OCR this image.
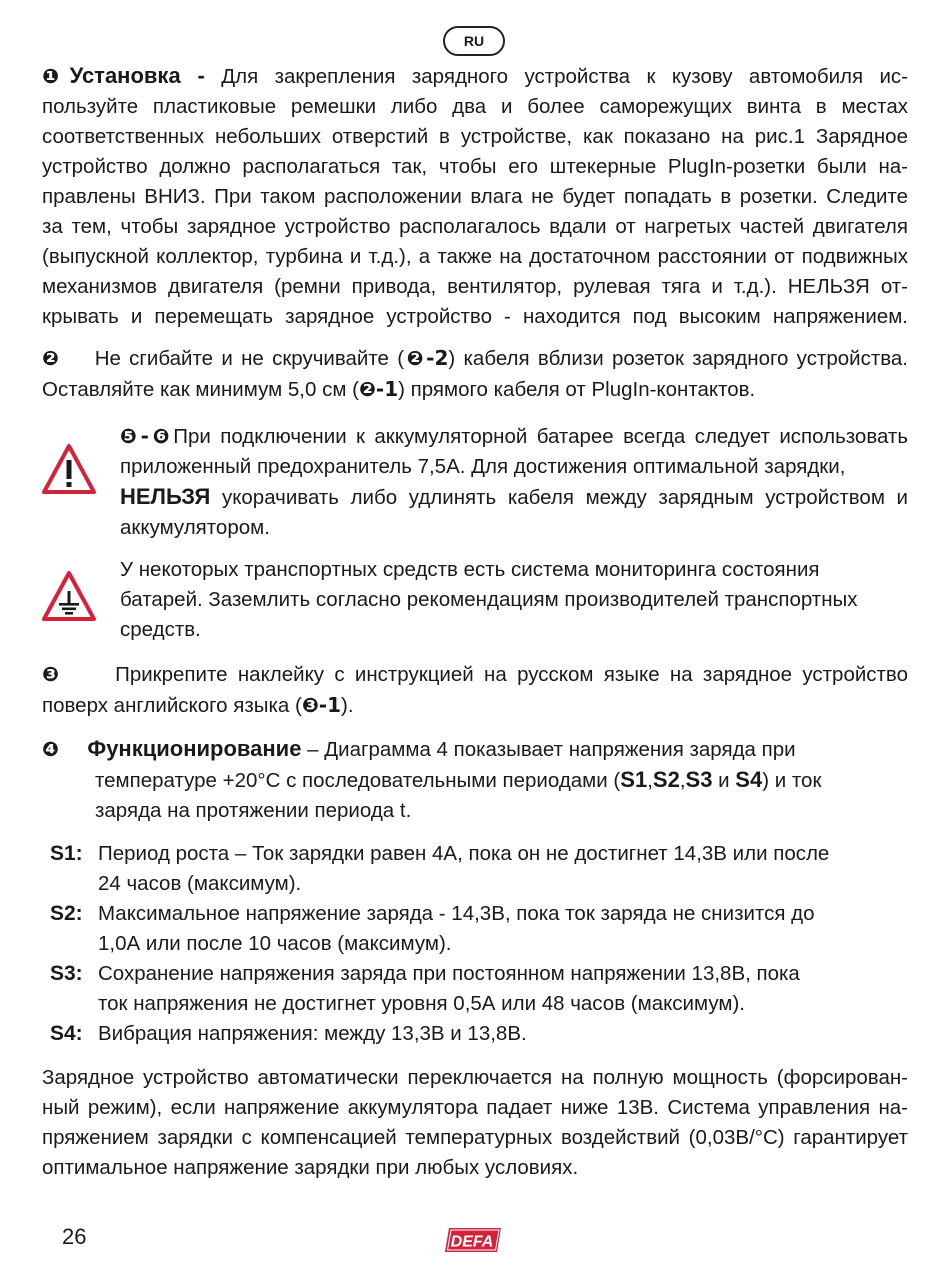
RU
❶Установка - Для закрепления зарядного устройства к кузову автомобиля ис-
пользуйте пластиковые ремешки либо два и более саморежущих винта в местах
соответственных небольших отверстий в устройстве, как показано на рис.1 Зарядное
устройство должно располагаться так, чтобы его штекерные PlugIn-розетки были на-
правлены ВНИЗ. При таком расположении влага не будет попадать в розетки. Следите
за тем, чтобы зарядное устройство располагалось вдали от нагретых частей двигателя
(выпускной коллектор, турбина и т.д.), а также на достаточном расстоянии от подвижных
механизмов двигателя (ремни привода, вентилятор, рулевая тяга и т.д.). НЕЛЬЗЯ от-
крывать и перемещать зарядное устройство - находится под высоким напряжением.
❷ Не сгибайте и не скручивайте (❷-2) кабеля вблизи розеток зарядного устройства.
Оставляйте как минимум 5,0 см (❷-1) прямого кабеля от PlugIn-контактов.
❺-❻При подключении к аккумуляторной батарее всегда следует использовать
приложенный предохранитель 7,5А. Для достижения оптимальной зарядки,
НЕЛЬЗЯ укорачивать либо удлинять кабеля между зарядным устройством и
аккумулятором.
У некоторых транспортных средств есть система мониторинга состояния
батарей. Заземлить согласно рекомендациям производителей транспортных
средств.
❸	Прикрепите наклейку с инструкцией на русском языке на зарядное устройство
поверх английского языка (❸-1).
❹ Функционирование – Диаграмма 4 показывает напряжения заряда при
температуре +20°С с последовательными периодами (S1,S2,S3 и S4) и ток
заряда на протяжении периода t.
S1: Период роста – Ток зарядки равен 4А, пока он не достигнет 14,3В или после
24 часов (максимум).
S2: Максимальное напряжение заряда - 14,3В, пока ток заряда не снизится до
1,0А или после 10 часов (максимум).
S3: Сохранение напряжения заряда при постоянном напряжении 13,8В, пока
ток напряжения не достигнет уровня 0,5А или 48 часов (максимум).
S4: Вибрация напряжения: между 13,3В и 13,8В.
Зарядное устройство автоматически переключается на полную мощность (форсирован-
ный режим), если напряжение аккумулятора падает ниже 13В. Система управления на-
пряжением зарядки с компенсацией температурных воздействий (0,03В/°С) гарантирует
оптимальное напряжение зарядки при любых условиях.
26	DEFA
